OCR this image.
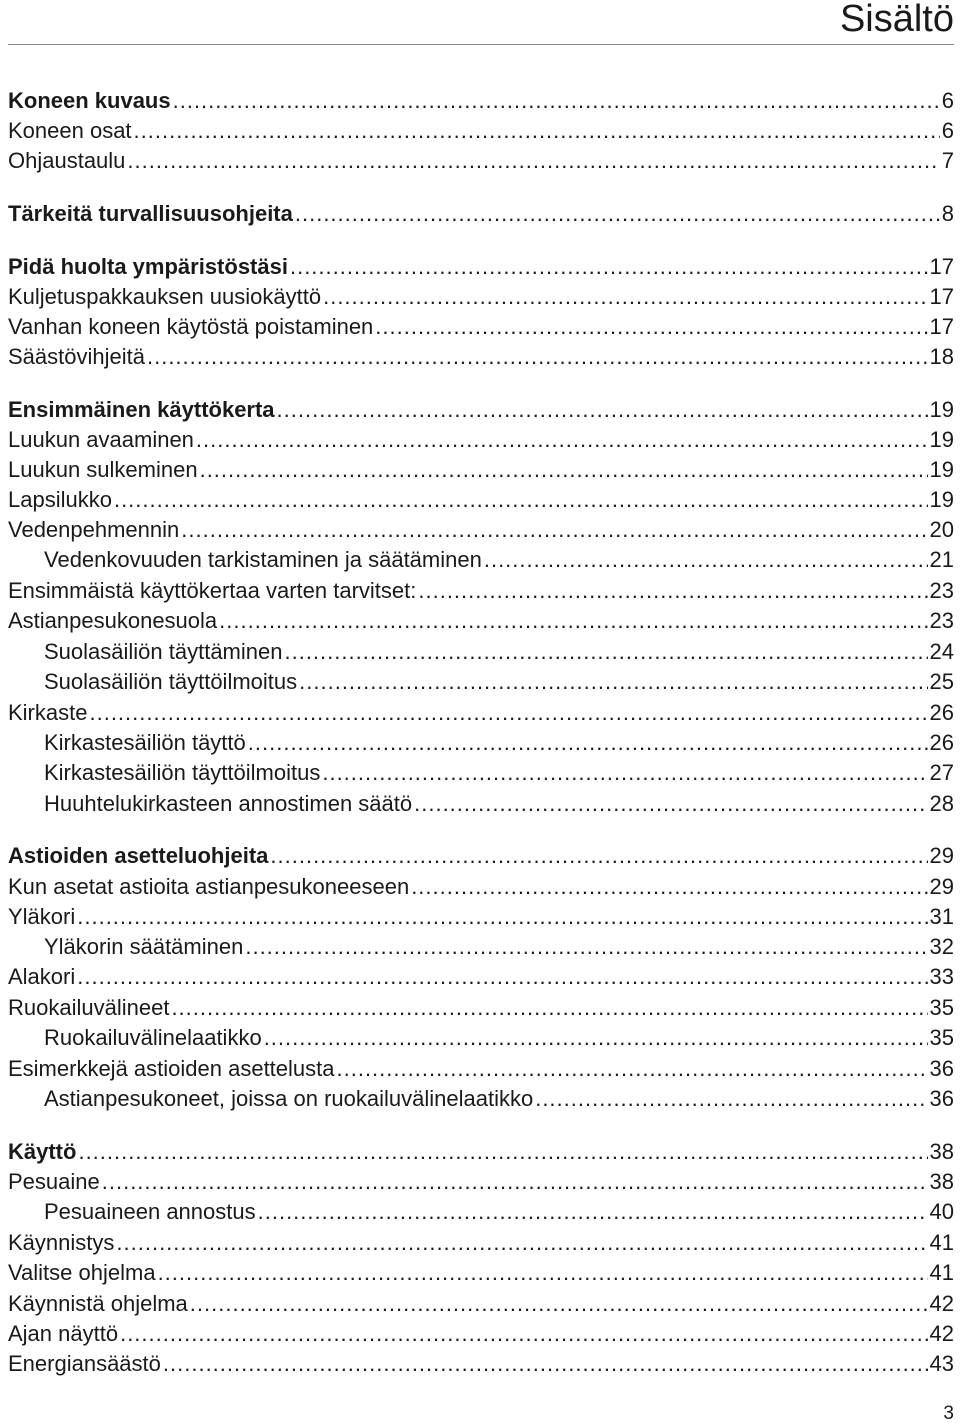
Sisältö
Koneen kuvaus .....	6
Koneen osat .....	6
Ohjaustaulu .....	7
Tärkeitä turvallisuusohjeita .....	8
Pidä huolta ympäristöstäsi .....	17
Kuljetuspakkauksen uusiokäyttö .....	17
Vanhan koneen käytöstä poistaminen .....	17
Säästövihjeitä .....	18
Ensimmäinen käyttökerta .....	19
Luukun avaaminen .....	19
Luukun sulkeminen .....	19
Lapsilukko .....	19
Vedenpehmennin .....	20
Vedenkovuuden tarkistaminen ja säätäminen .....	21
Ensimmäistä käyttökertaa varten tarvitset: .....	23
Astianpesukonesuola .....	23
Suolasäiliön täyttäminen .....	24
Suolasäiliön täyttöilmoitus .....	25
Kirkaste .....	26
Kirkastesäiliön täyttö .....	26
Kirkastesäiliön täyttöilmoitus .....	27
Huuhtelukirkasteen annostimen säätö .....	28
Astioiden asetteluohjeita .....	29
Kun asetat astioita astianpesukoneeseen .....	29
Yläkori .....	31
Yläkorin säätäminen .....	32
Alakori .....	33
Ruokailuvälineet .....	35
Ruokailuvälinelaatikko .....	35
Esimerkkejä astioiden asettelusta .....	36
Astianpesukoneet, joissa on ruokailuvälinelaatikko .....	36
Käyttö .....	38
Pesuaine .....	38
Pesuaineen annostus .....	40
Käynnistys .....	41
Valitse ohjelma .....	41
Käynnistä ohjelma .....	42
Ajan näyttö .....	42
Energiansäästö .....	43
3
